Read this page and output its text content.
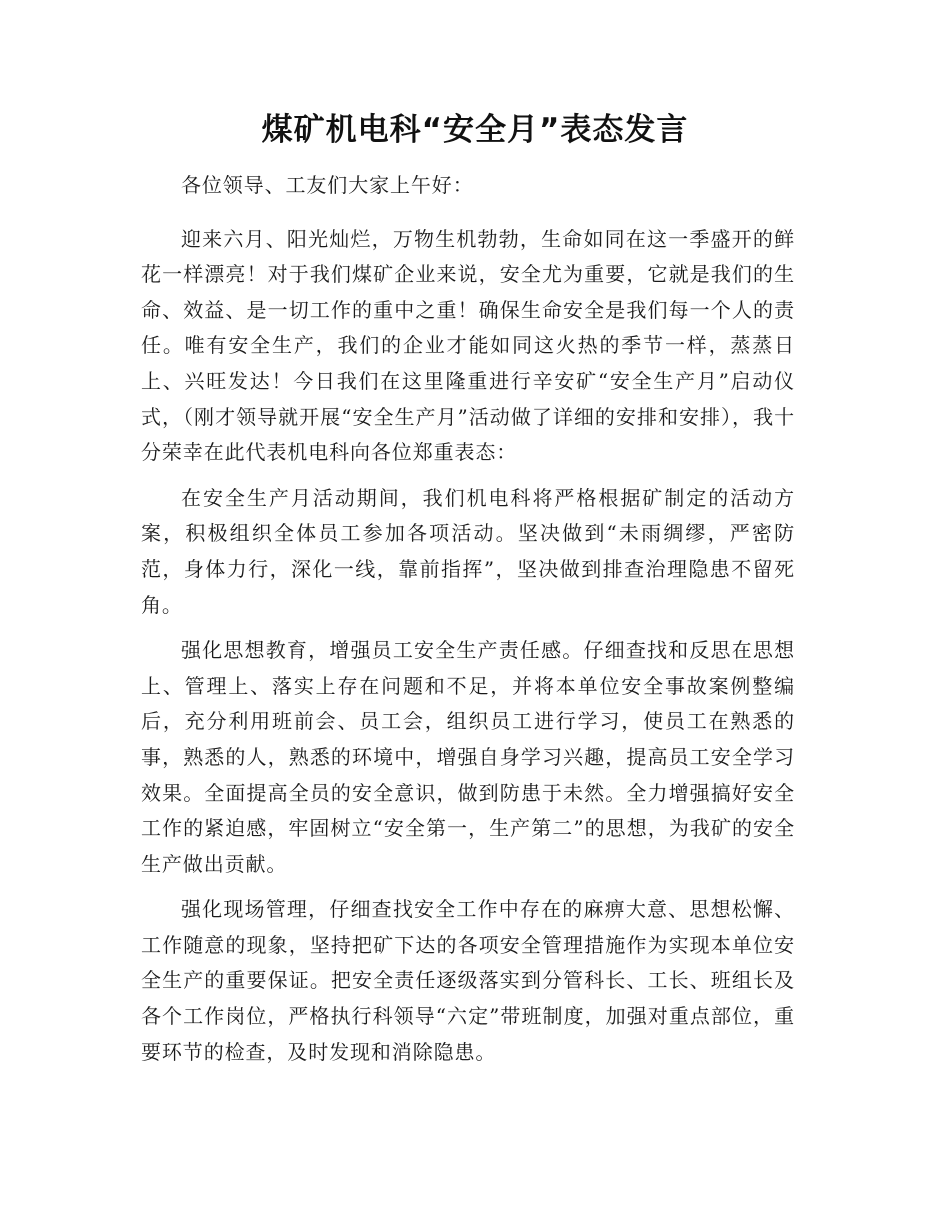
煤矿机电科“安全月”表态发言

各位领导、工友们大家上午好：

迎来六月、阳光灿烂，万物生机勃勃，生命如同在这一季盛开的鲜花一样漂亮！对于我们煤矿企业来说，安全尤为重要，它就是我们的生命、效益、是一切工作的重中之重！确保生命安全是我们每一个人的责任。唯有安全生产，我们的企业才能如同这火热的季节一样，蒸蒸日上、兴旺发达！今日我们在这里隆重进行辛安矿“安全生产月”启动仪式，（刚才领导就开展“安全生产月”活动做了详细的安排和安排），我十分荣幸在此代表机电科向各位郑重表态：

在安全生产月活动期间，我们机电科将严格根据矿制定的活动方案，积极组织全体员工参加各项活动。坚决做到“未雨绸缪，严密防范，身体力行，深化一线，靠前指挥”，坚决做到排查治理隐患不留死角。

强化思想教育，增强员工安全生产责任感。仔细查找和反思在思想上、管理上、落实上存在问题和不足，并将本单位安全事故案例整编后，充分利用班前会、员工会，组织员工进行学习，使员工在熟悉的事，熟悉的人，熟悉的环境中，增强自身学习兴趣，提高员工安全学习效果。全面提高全员的安全意识，做到防患于未然。全力增强搞好安全工作的紧迫感，牢固树立“安全第一，生产第二”的思想，为我矿的安全生产做出贡献。

强化现场管理，仔细查找安全工作中存在的麻痹大意、思想松懈、工作随意的现象，坚持把矿下达的各项安全管理措施作为实现本单位安全生产的重要保证。把安全责任逐级落实到分管科长、工长、班组长及各个工作岗位，严格执行科领导“六定”带班制度，加强对重点部位，重要环节的检查，及时发现和消除隐患。
